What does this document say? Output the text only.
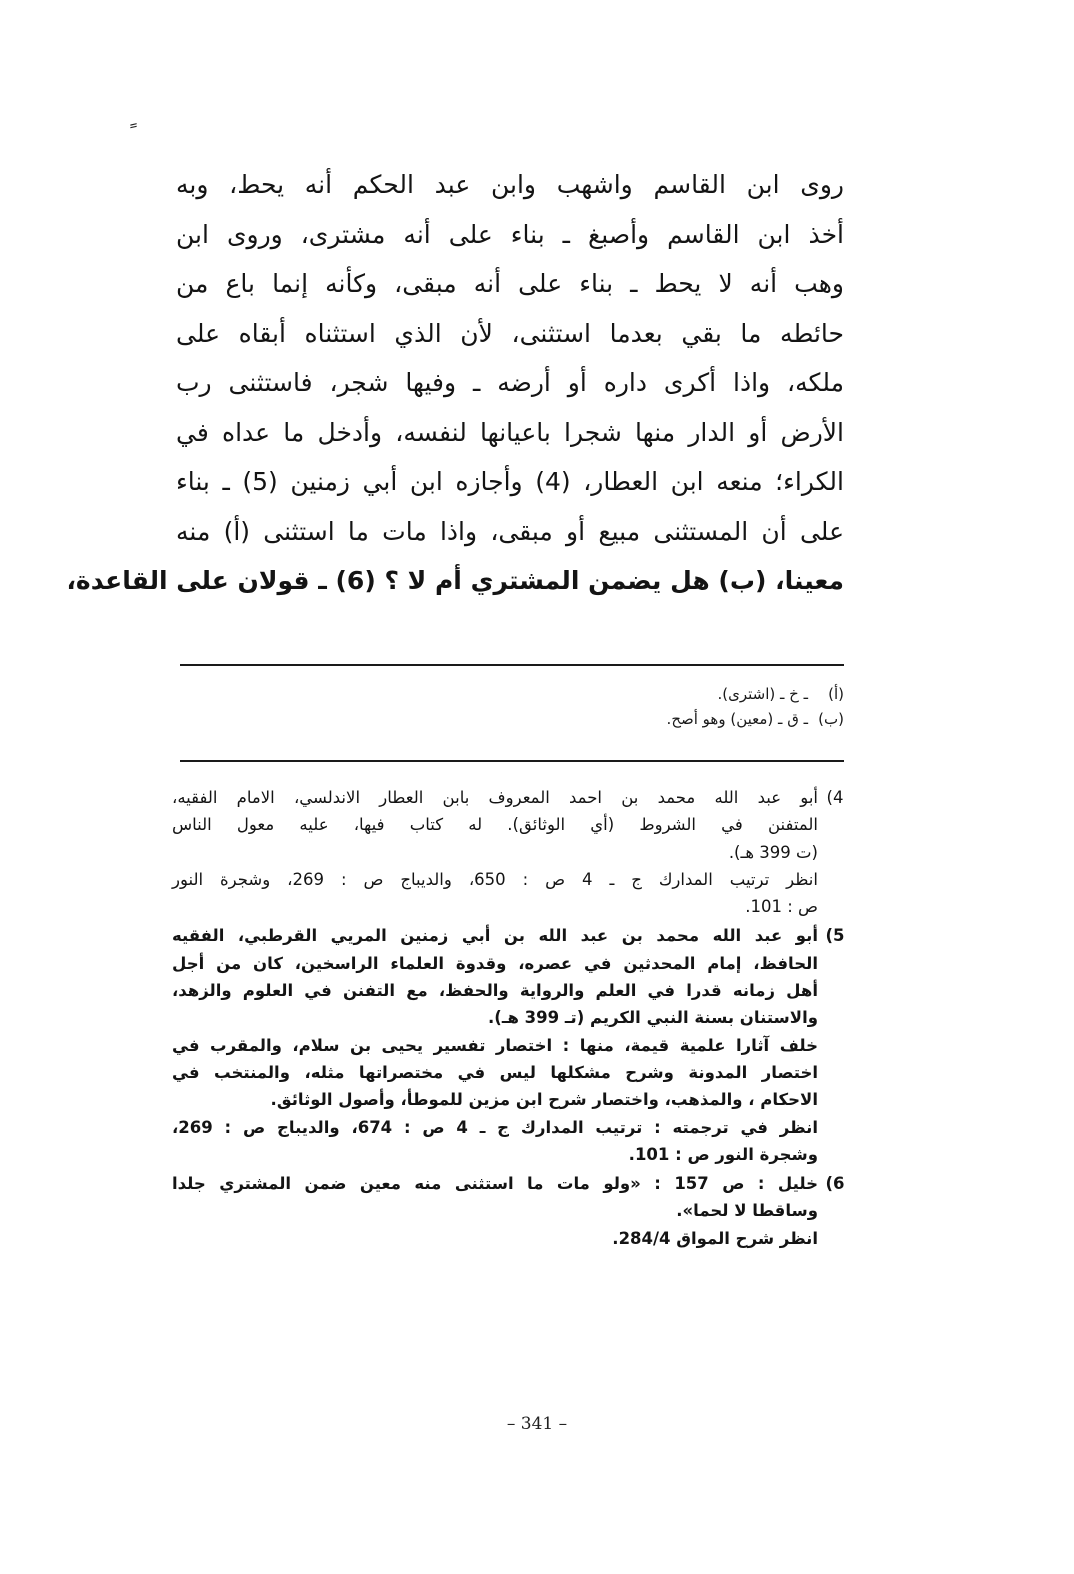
روى ابن القاسم واشهب وابن عبد الحكم أنه يحط، وبه
أخذ ابن القاسم وأصبغ ـ بناء على أنه مشترى، وروى ابن
وهب أنه لا يحط ـ بناء على أنه مبقى، وكأنه إنما باع من
حائطه ما بقي بعدما استثنى، لأن الذي استثناه أبقاه على
ملكه، واذا أكرى داره أو أرضه ـ وفيها شجر، فاستثنى رب
الأرض أو الدار منها شجرا باعيانها لنفسه، وأدخل ما عداه في
الكراء؛ منعه ابن العطار، (4) وأجازه ابن أبي زمنين (5) ـ بناء
على أن المستثنى مبيع أو مبقى، واذا مات ما استثنى (أ) منه
معينا، (ب) هل يضمن المشتري أم لا ؟ (6) ـ قولان على القاعدة،
(أ)
ـ خ ـ (اشترى).
(ب)
ـ ق ـ (معين) وهو أصح.
4)
أبو عبد الله محمد بن احمد المعروف بابن العطار الاندلسي، الامام الفقيه،
المتفنن في الشروط (أي الوثائق). له كتاب فيها، عليه معول الناس
(ت 399 هـ).
انظر ترتيب المدارك ج ـ 4 ص : 650، والديباج ص : 269، وشجرة النور
ص : 101.
5)
أبو عبد الله محمد بن عبد الله بن أبي زمنين المريي القرطبي، الفقيه
الحافظ، إمام المحدثين في عصره، وقدوة العلماء الراسخين، كان من أجل
أهل زمانه قدرا في العلم والرواية والحفظ، مع التفنن في العلوم والزهد،
والاستنان بسنة النبي الكريم (تـ 399 هـ).
خلف آثارا علمية قيمة، منها : اختصار تفسير يحيى بن سلام، والمقرب في
اختصار المدونة وشرح مشكلها ليس في مختصراتها مثله، والمنتخب في
الاحكام ، والمذهب، واختصار شرح ابن مزين للموطأ، وأصول الوثائق.
انظر في ترجمته : ترتيب المدارك ج ـ 4 ص : 674، والديباج ص : 269،
وشجرة النور ص : 101.
6)
خليل : ص 157 : «ولو مات ما استثنى منه معين ضمن المشتري جلدا
وساقطا لا لحما».
انظر شرح المواق 284/4.
– 341 –
